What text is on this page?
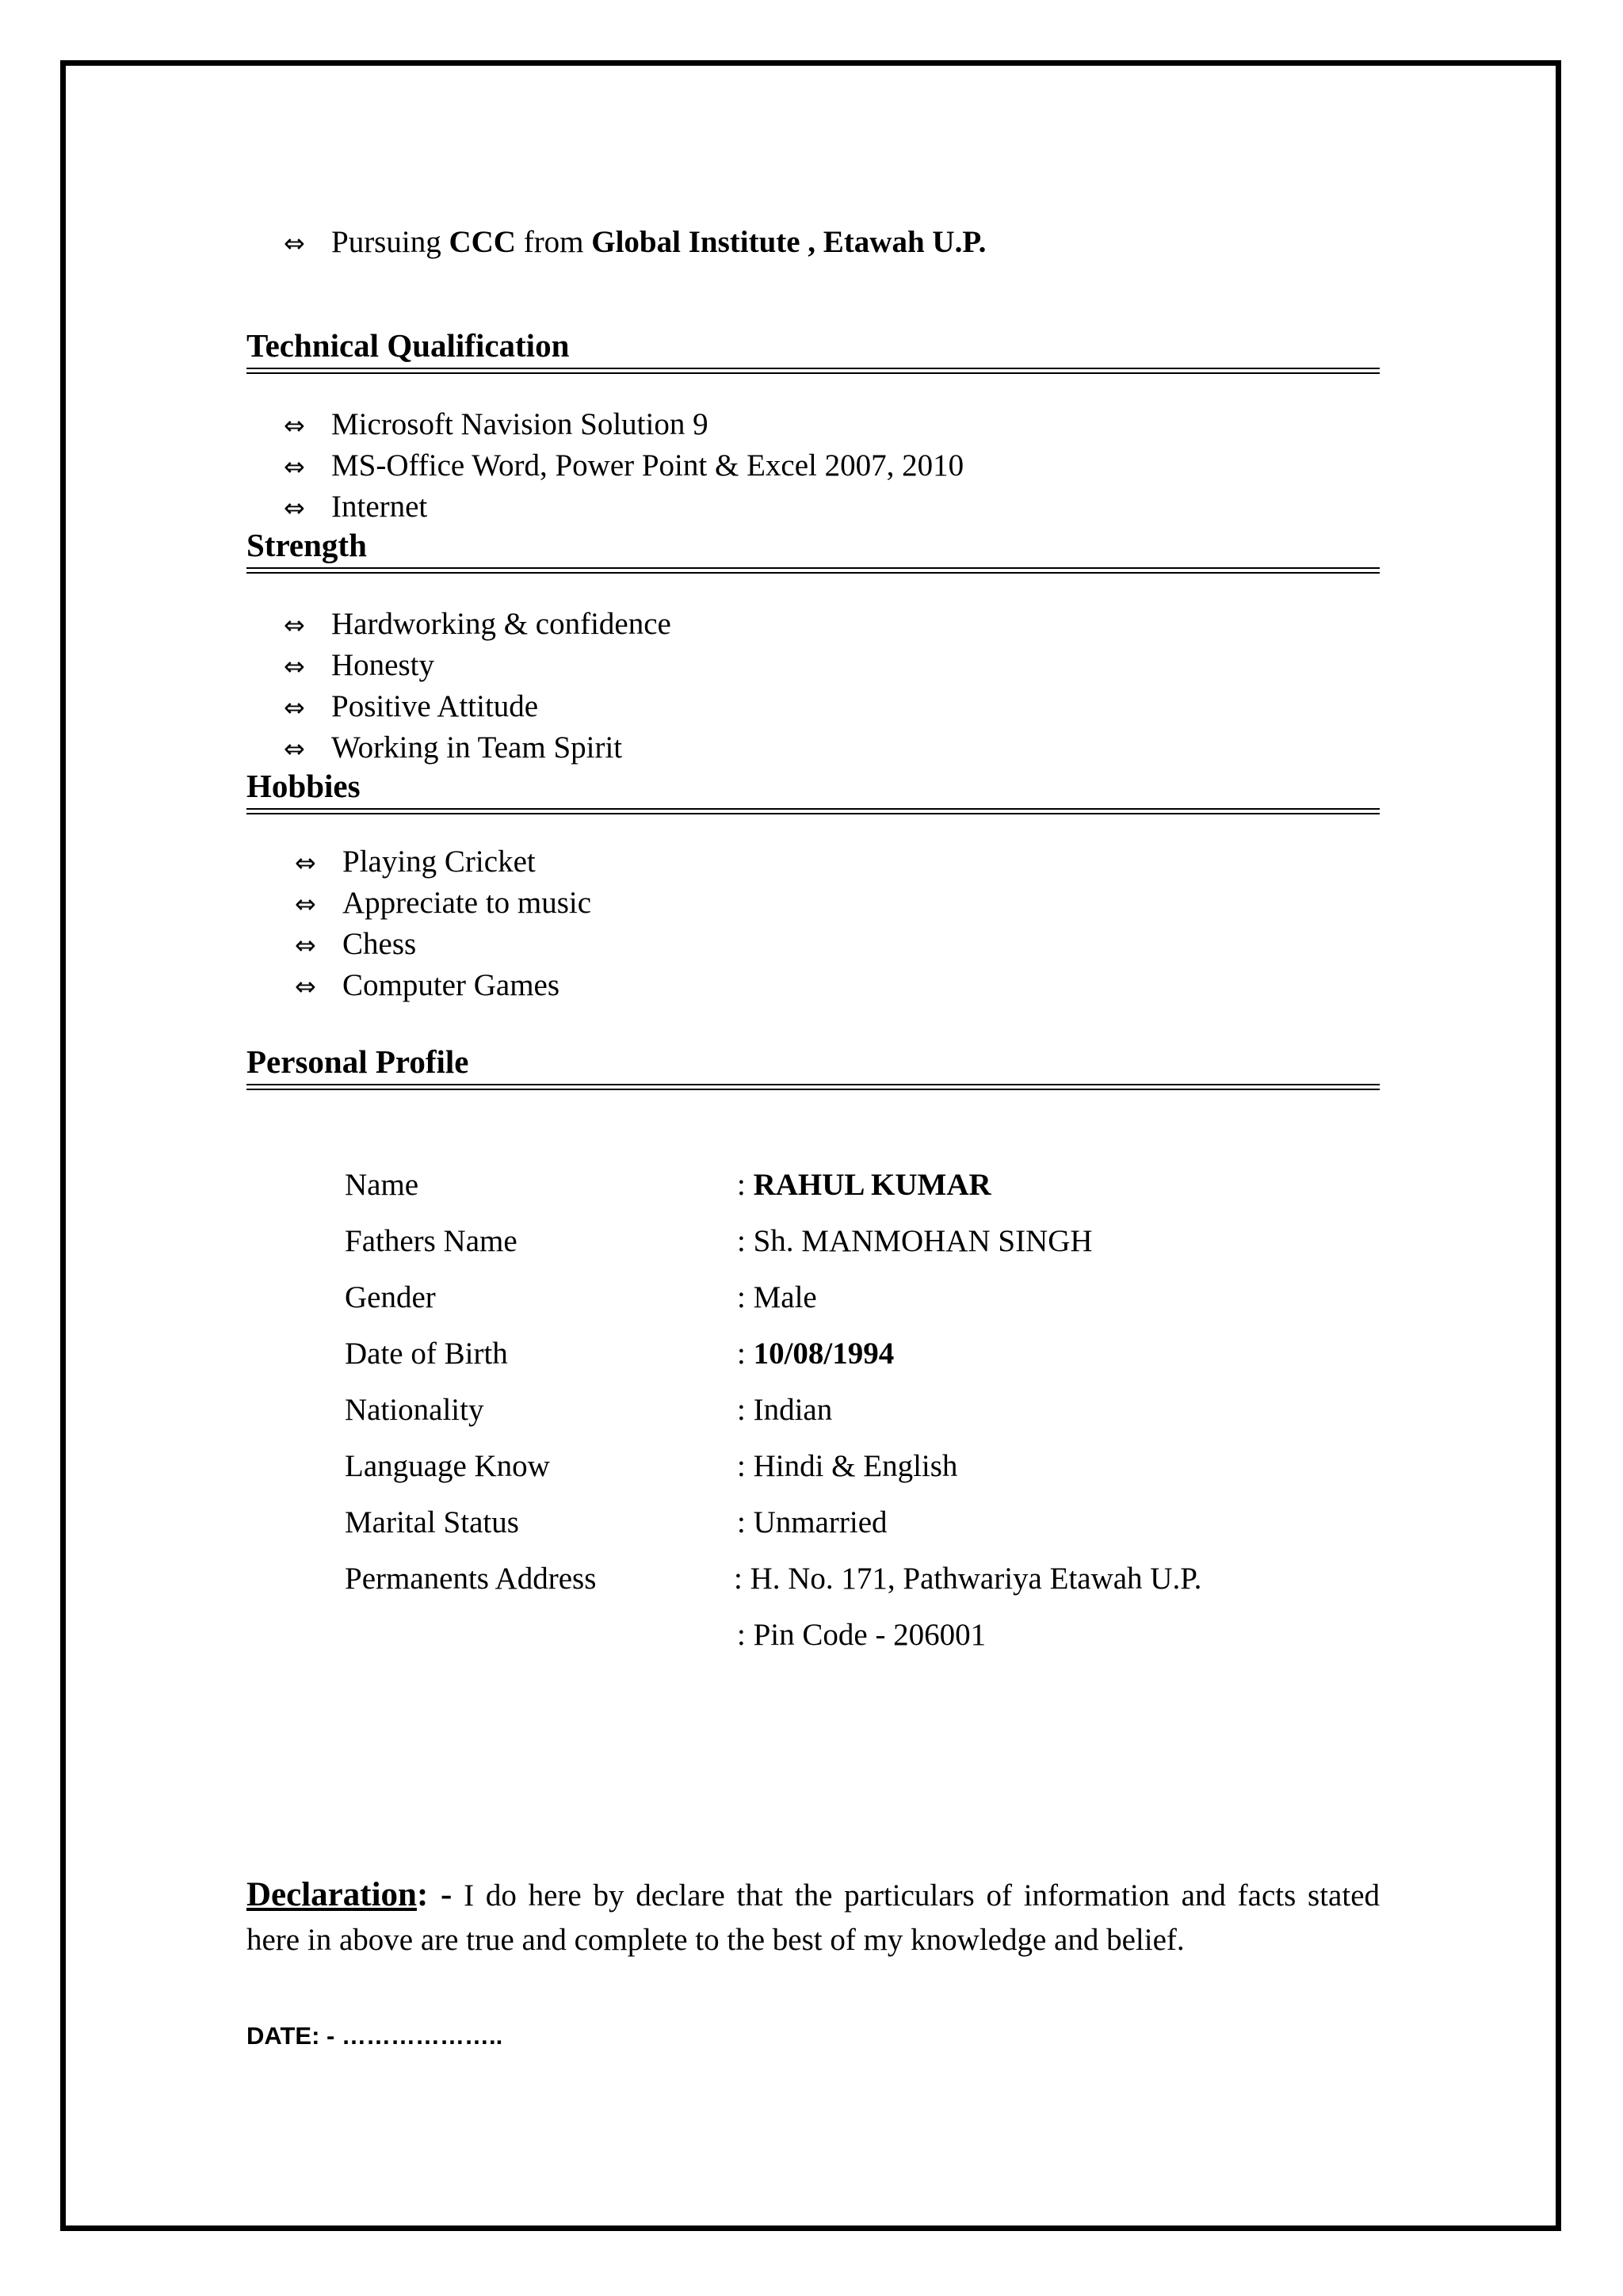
⇔ Pursuing CCC from Global Institute , Etawah U.P.
Technical Qualification
⇔ Microsoft Navision Solution 9
⇔ MS-Office Word, Power Point & Excel 2007, 2010
⇔ Internet
Strength
⇔ Hardworking & confidence
⇔ Honesty
⇔ Positive Attitude
⇔ Working in Team Spirit
Hobbies
⇔ Playing Cricket
⇔ Appreciate to music
⇔ Chess
⇔ Computer Games
Personal Profile
Name	: RAHUL KUMAR
Fathers Name	: Sh. MANMOHAN SINGH
Gender	: Male
Date of Birth	: 10/08/1994
Nationality	: Indian
Language Know	: Hindi & English
Marital Status	: Unmarried
Permanents Address	: H. No. 171, Pathwariya Etawah U.P.
: Pin Code - 206001
Declaration: - I do here by declare that the particulars of information and facts stated here in above are true and complete to the best of my knowledge and belief.
DATE: - ………………..
